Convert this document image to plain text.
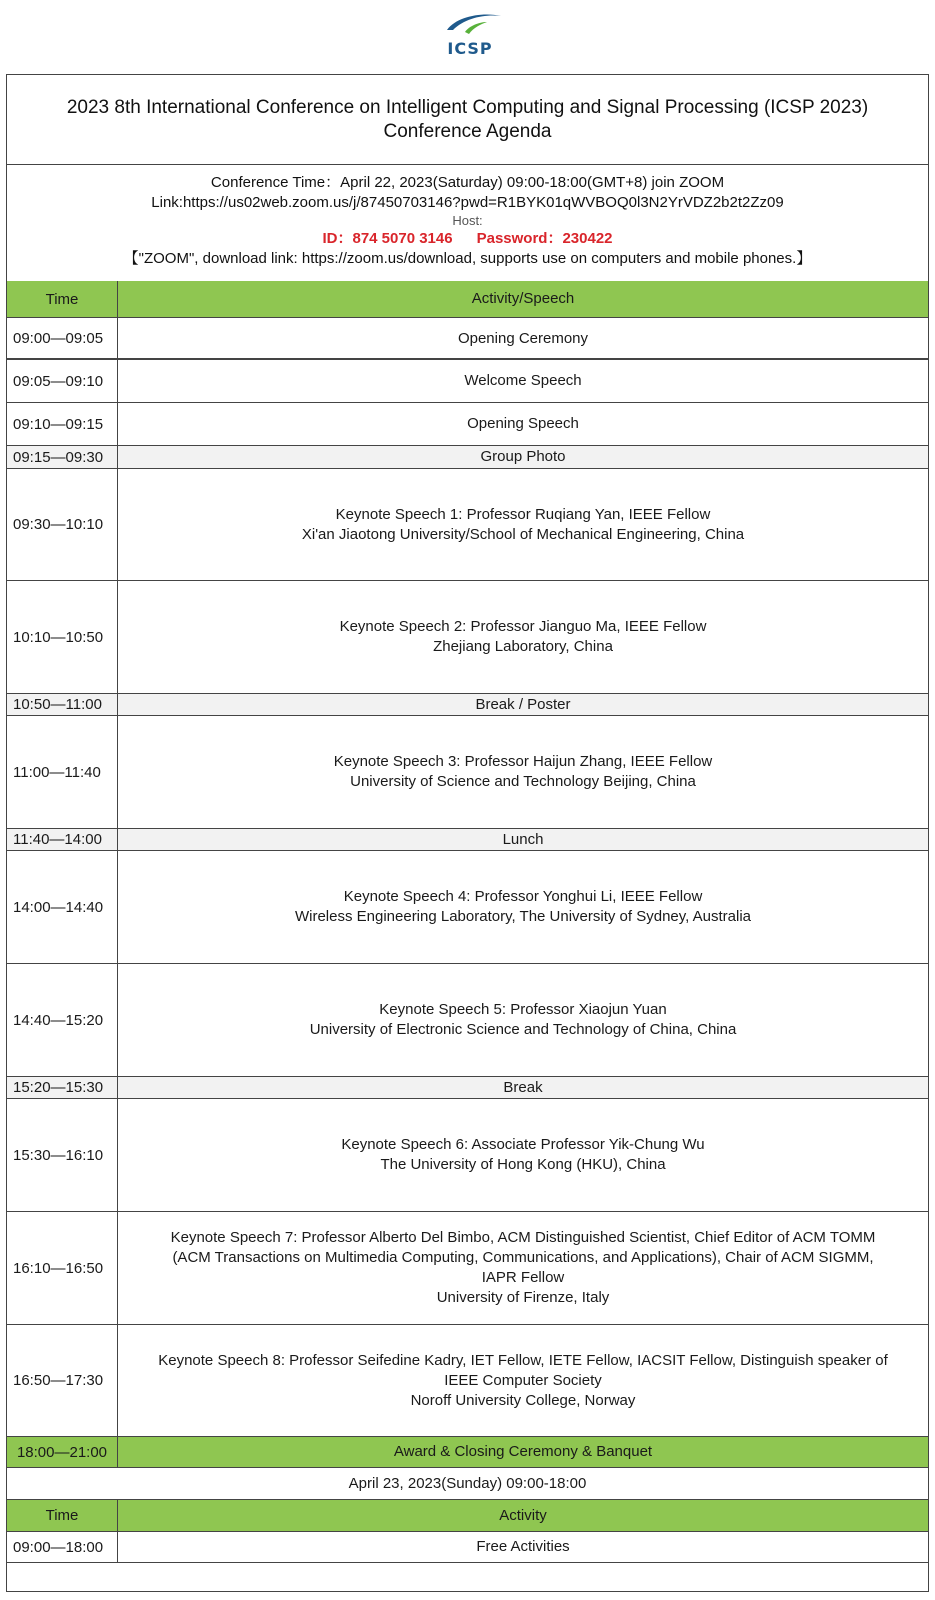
ICSP
2023 8th International Conference on Intelligent Computing and Signal Processing (ICSP 2023)
Conference Agenda
Conference Time：April 22, 2023(Saturday) 09:00-18:00(GMT+8) join ZOOM
Link:https://us02web.zoom.us/j/87450703146?pwd=R1BYK01qWVBOQ0l3N2YrVDZ2b2t2Zz09
Host:
ID：874 5070 3146 Password：230422
【"ZOOM", download link: https://zoom.us/download, supports use on computers and mobile phones.】
Time	Activity/Speech
09:00—09:05	Opening Ceremony
09:05—09:10	Welcome Speech
09:10—09:15	Opening Speech
09:15—09:30	Group Photo
09:30—10:10
Keynote Speech 1: Professor Ruqiang Yan, IEEE Fellow
Xi'an Jiaotong University/School of Mechanical Engineering, China
10:10—10:50
Keynote Speech 2: Professor Jianguo Ma, IEEE Fellow
Zhejiang Laboratory, China
10:50—11:00	Break / Poster
11:00—11:40
Keynote Speech 3: Professor Haijun Zhang, IEEE Fellow
University of Science and Technology Beijing, China
11:40—14:00	Lunch
14:00—14:40
Keynote Speech 4: Professor Yonghui Li, IEEE Fellow
Wireless Engineering Laboratory, The University of Sydney, Australia
14:40—15:20
Keynote Speech 5: Professor Xiaojun Yuan
University of Electronic Science and Technology of China, China
15:20—15:30	Break
15:30—16:10
Keynote Speech 6: Associate Professor Yik-Chung Wu
The University of Hong Kong (HKU), China
16:10—16:50
Keynote Speech 7: Professor Alberto Del Bimbo, ACM Distinguished Scientist, Chief Editor of ACM TOMM
(ACM Transactions on Multimedia Computing, Communications, and Applications), Chair of ACM SIGMM,
IAPR Fellow
University of Firenze, Italy
16:50—17:30
Keynote Speech 8: Professor Seifedine Kadry, IET Fellow, IETE Fellow, IACSIT Fellow, Distinguish speaker of
IEEE Computer Society
Noroff University College, Norway
18:00—21:00	Award & Closing Ceremony & Banquet
April 23, 2023(Sunday) 09:00-18:00
Time	Activity
09:00—18:00	Free Activities
